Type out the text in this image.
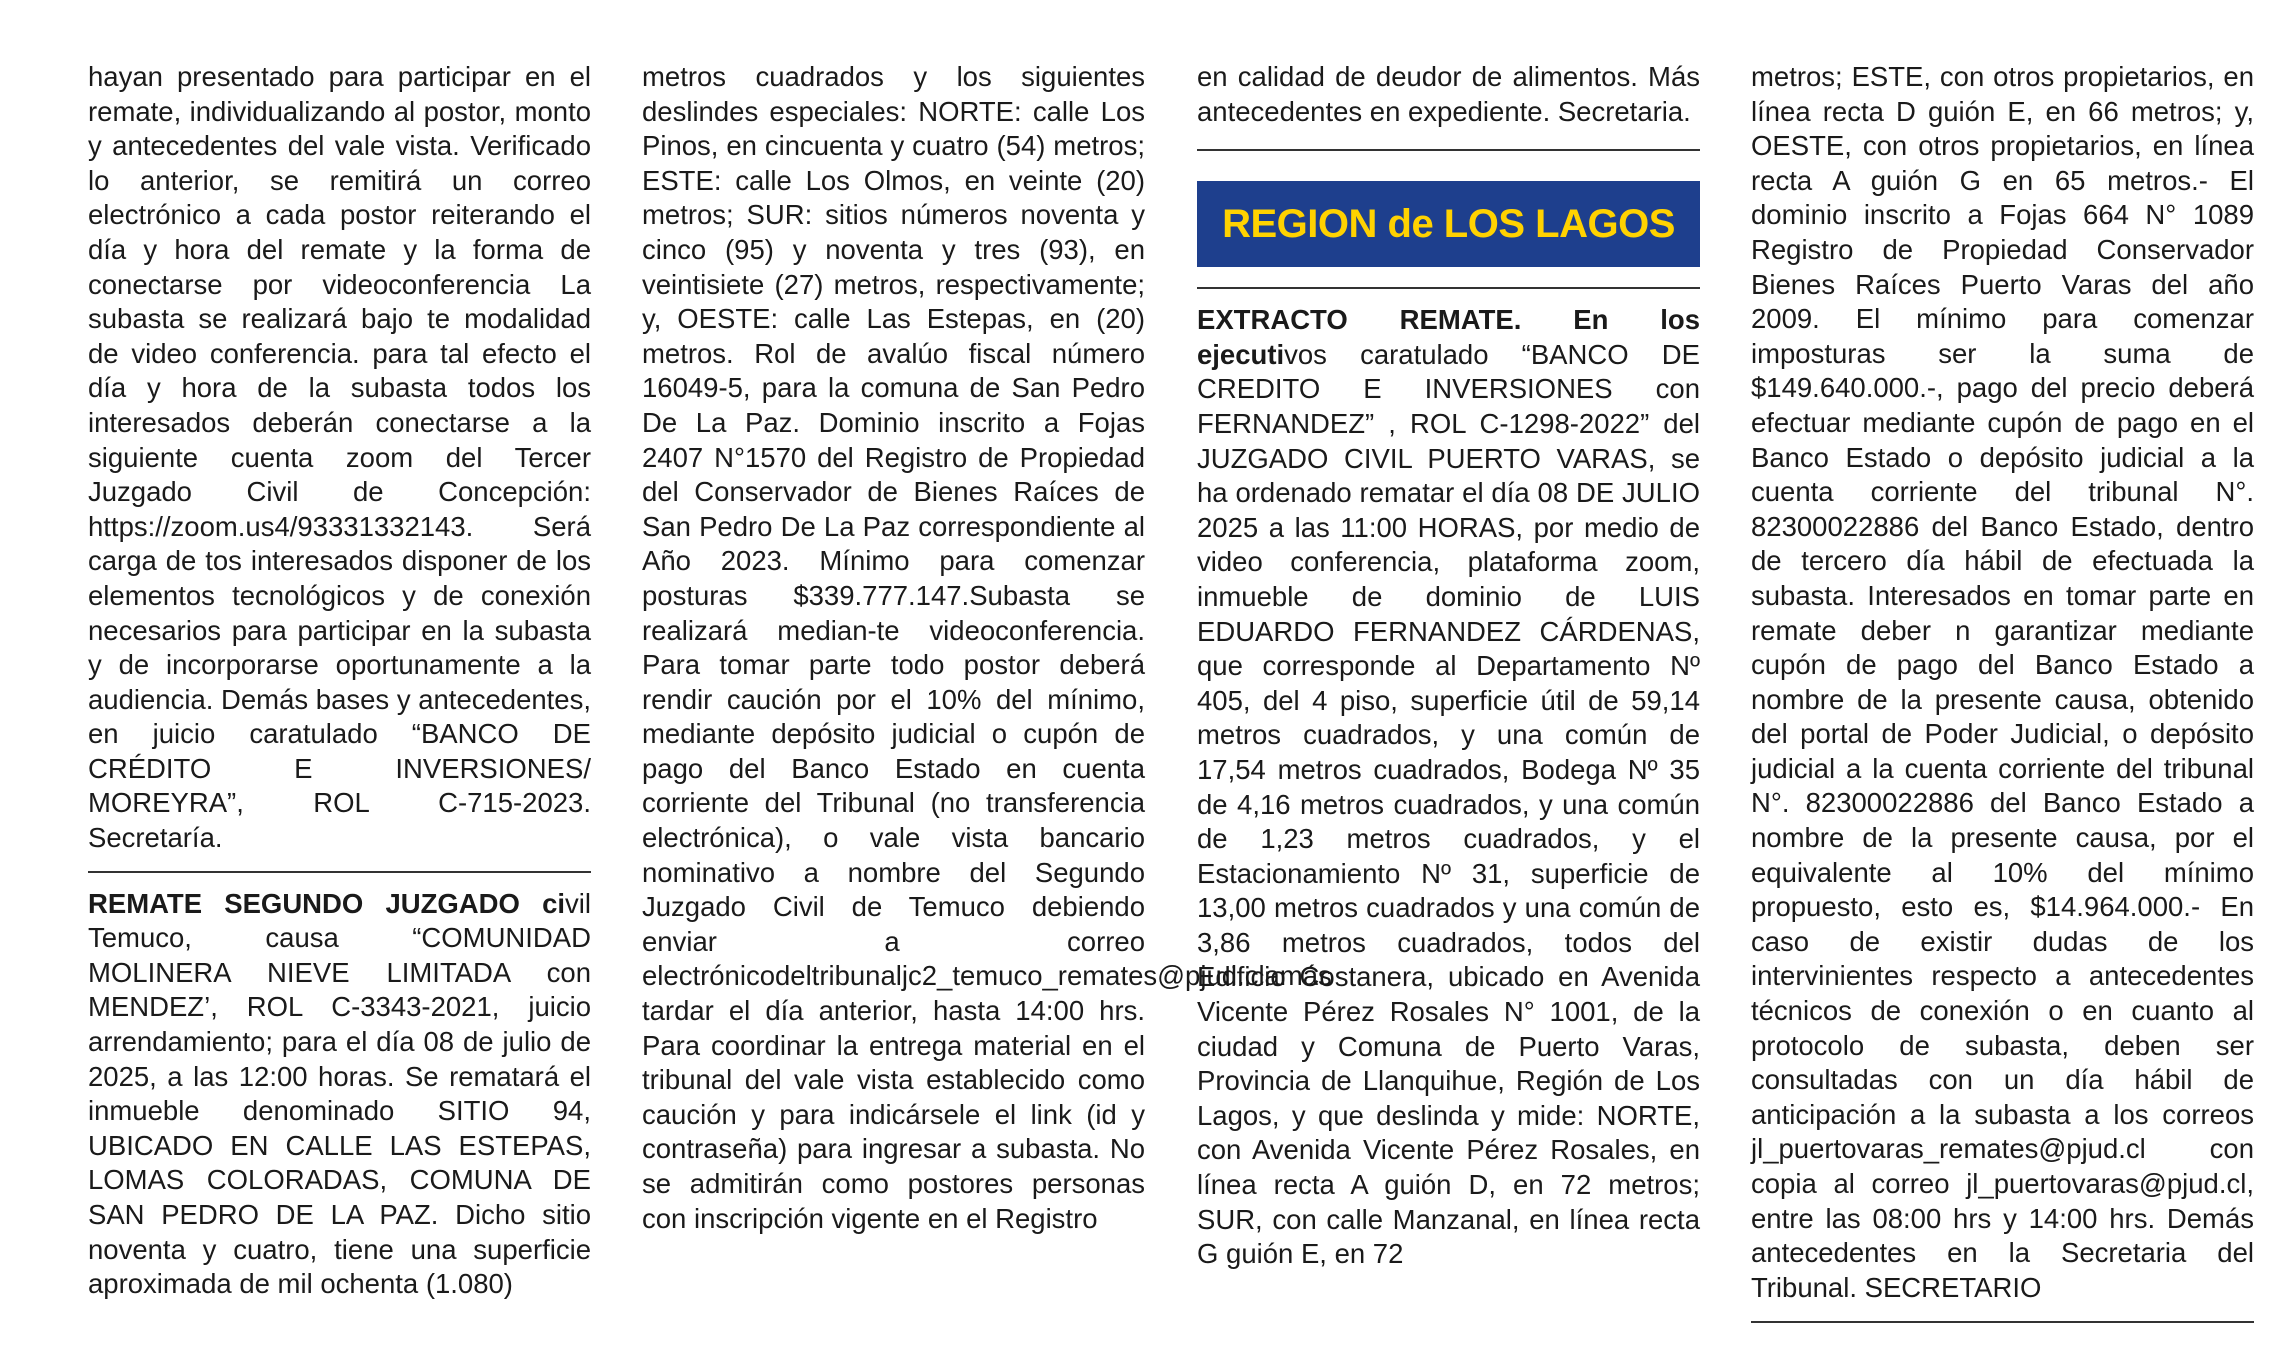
hayan presentado para participar en el remate, individualizando al postor, monto y antecedentes del vale vista. Verificado lo anterior, se remitirá un correo electrónico a cada postor reiterando el día y hora del remate y la forma de conectarse por videoconferencia La subasta se realizará bajo te modalidad de video conferencia. para tal efecto el día y hora de la subasta todos los interesados deberán conectarse a la siguiente cuenta zoom del Tercer Juzgado Civil de Concepción: https://zoom.us4/93331332143. Será carga de tos interesados disponer de los elementos tecnológicos y de conexión necesarios para participar en la subasta y de incorporarse oportunamente a la audiencia. Demás bases y antecedentes, en juicio caratulado “BANCO DE CRÉDITO E INVERSIONES/ MOREYRA”, ROL C-715-2023. Secretaría.

REMATE SEGUNDO JUZGADO civil Temuco, causa “COMUNIDAD MOLINERA NIEVE LIMITADA con MENDEZ’, ROL C-3343-2021, juicio arrendamiento; para el día 08 de julio de 2025, a las 12:00 horas. Se rematará el inmueble denominado SITIO 94, UBICADO EN CALLE LAS ESTEPAS, LOMAS COLORADAS, COMUNA DE SAN PEDRO DE LA PAZ. Dicho sitio noventa y cuatro, tiene una superficie aproximada de mil ochenta (1.080)

metros cuadrados y los siguientes deslindes especiales: NORTE: calle Los Pinos, en cincuenta y cuatro (54) metros; ESTE: calle Los Olmos, en veinte (20) metros; SUR: sitios números noventa y cinco (95) y noventa y tres (93), en veintisiete (27) metros, respectivamente; y, OESTE: calle Las Estepas, en (20) metros. Rol de avalúo fiscal número 16049-5, para la comuna de San Pedro De La Paz. Dominio inscrito a Fojas 2407 N°1570 del Registro de Propiedad del Conservador de Bienes Raíces de San Pedro De La Paz correspondiente al Año 2023. Mínimo para comenzar posturas $339.777.147.Subasta se realizará median-te videoconferencia. Para tomar parte todo postor deberá rendir caución por el 10% del mínimo, mediante depósito judicial o cupón de pago del Banco Estado en cuenta corriente del Tribunal (no transferencia electrónica), o vale vista bancario nominativo a nombre del Segundo Juzgado Civil de Temuco debiendo enviar a correo electrónicodeltribunaljc2_temuco_remates@pjud.clamás tardar el día anterior, hasta 14:00 hrs. Para coordinar la entrega material en el tribunal del vale vista establecido como caución y para indicársele el link (id y contraseña) para ingresar a subasta. No se admitirán como postores personas con inscripción vigente en el Registro

en calidad de deudor de alimentos. Más antecedentes en expediente. Secretaria.

REGION de LOS LAGOS

EXTRACTO REMATE. En los ejecutivos caratulado “BANCO DE CREDITO E INVERSIONES con FERNANDEZ” , ROL C-1298-2022” del JUZGADO CIVIL PUERTO VARAS, se ha ordenado rematar el día 08 DE JULIO 2025 a las 11:00 HORAS, por medio de video conferencia, plataforma zoom, inmueble de dominio de LUIS EDUARDO FERNANDEZ CÁRDENAS, que corresponde al Departamento Nº 405, del 4 piso, superficie útil de 59,14 metros cuadrados, y una común de 17,54 metros cuadrados, Bodega Nº 35 de 4,16 metros cuadrados, y una común de 1,23 metros cuadrados, y el Estacionamiento Nº 31, superficie de 13,00 metros cuadrados y una común de 3,86 metros cuadrados, todos del Edificio Costanera, ubicado en Avenida Vicente Pérez Rosales N° 1001, de la ciudad y Comuna de Puerto Varas, Provincia de Llanquihue, Región de Los Lagos, y que deslinda y mide: NORTE, con Avenida Vicente Pérez Rosales, en línea recta A guión D, en 72 metros; SUR, con calle Manzanal, en línea recta G guión E, en 72

metros; ESTE, con otros propietarios, en línea recta D guión E, en 66 metros; y, OESTE, con otros propietarios, en línea recta A guión G en 65 metros.- El dominio inscrito a Fojas 664 N° 1089 Registro de Propiedad Conservador Bienes Raíces Puerto Varas del año 2009. El mínimo para comenzar imposturas ser la suma de $149.640.000.-, pago del precio deberá efectuar mediante cupón de pago en el Banco Estado o depósito judicial a la cuenta corriente del tribunal N°. 82300022886 del Banco Estado, dentro de tercero día hábil de efectuada la subasta. Interesados en tomar parte en remate deber n garantizar mediante cupón de pago del Banco Estado a nombre de la presente causa, obtenido del portal de Poder Judicial, o depósito judicial a la cuenta corriente del tribunal N°. 82300022886 del Banco Estado a nombre de la presente causa, por el equivalente al 10% del mínimo propuesto, esto es, $14.964.000.- En caso de existir dudas de los intervinientes respecto a antecedentes técnicos de conexión o en cuanto al protocolo de subasta, deben ser consultadas con un día hábil de anticipación a la subasta a los correos jl_puertovaras_remates@pjud.cl con copia al correo jl_puertovaras@pjud.cl, entre las 08:00 hrs y 14:00 hrs. Demás antecedentes en la Secretaria del Tribunal. SECRETARIO
